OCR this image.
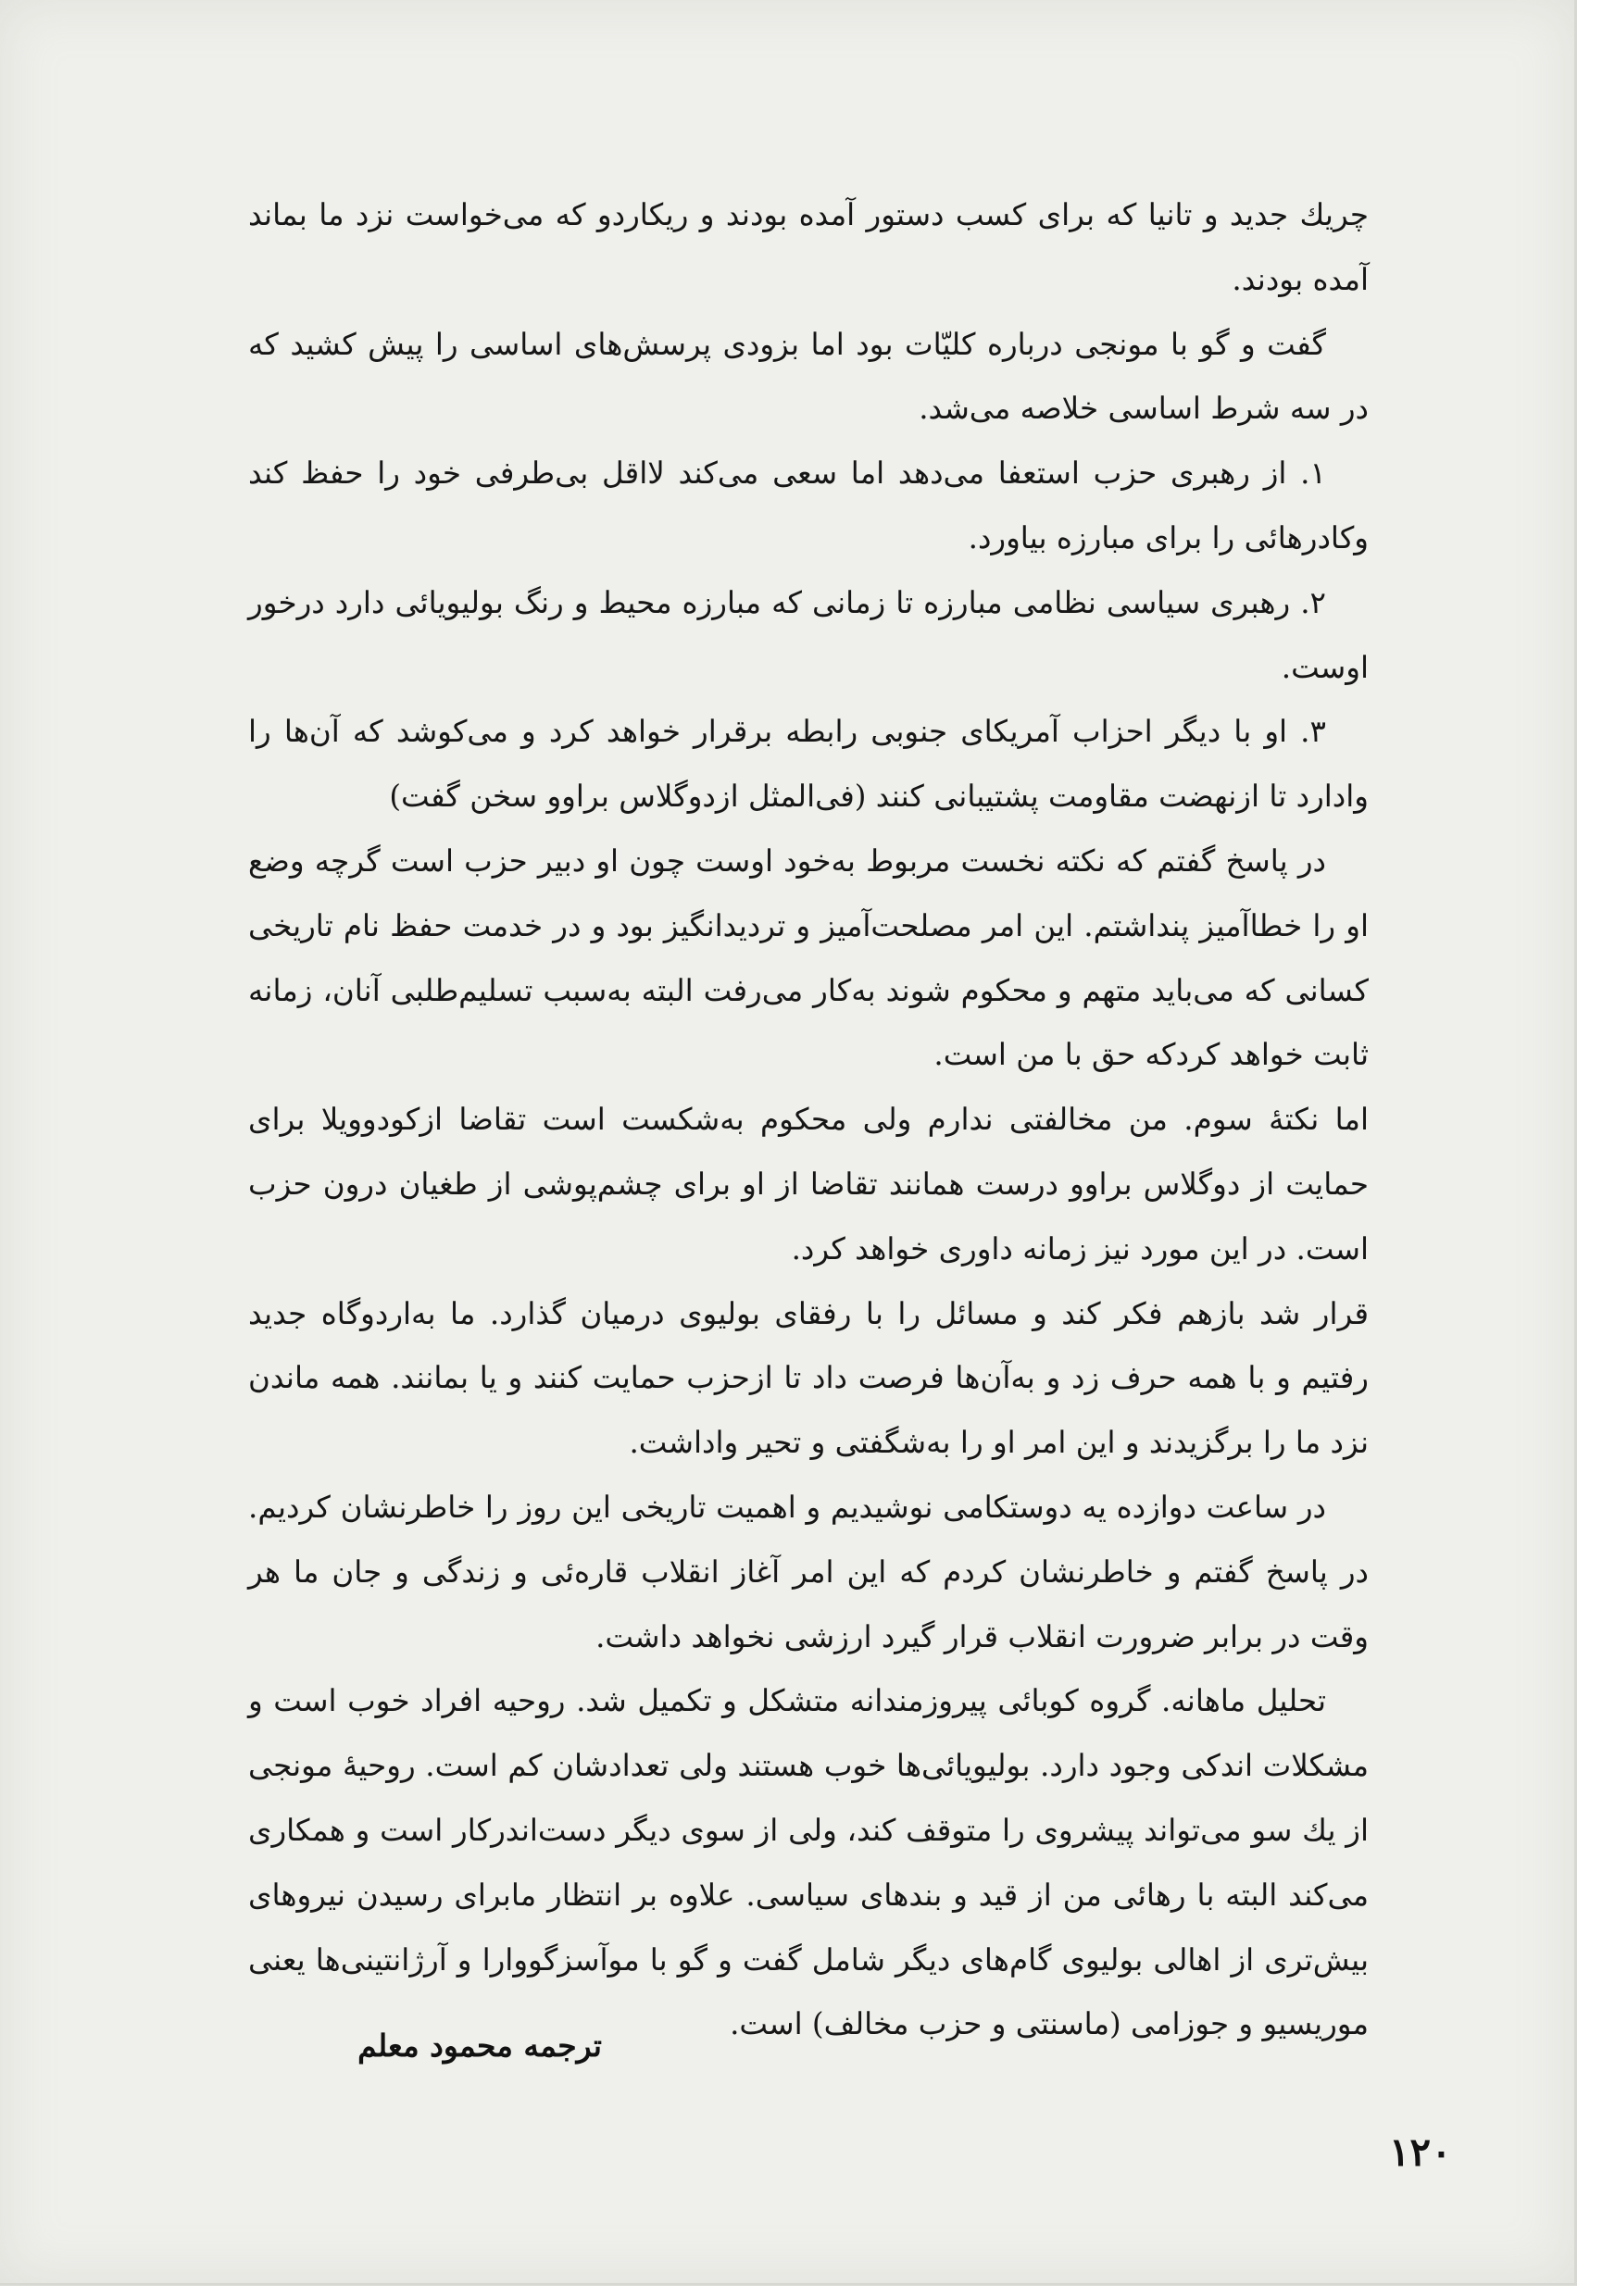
چریك جدید و تانیا که برای کسب دستور آمده بودند و ریکاردو که می‌خواست نزد ما بماند آمده بودند.

گفت و گو با مونجی درباره کلیّات بود اما بزودی پرسش‌های اساسی را پیش کشید که در سه شرط اساسی خلاصه می‌شد.

۱. از رهبری حزب استعفا می‌دهد اما سعی می‌کند لااقل بی‌طرفی خود را حفظ کند وکادرهائی را برای مبارزه بیاورد.

۲. رهبری سیاسی نظامی مبارزه تا زمانی که مبارزه محیط و رنگ بولیویائی دارد درخور اوست.

۳. او با دیگر احزاب آمریکای جنوبی رابطه برقرار خواهد کرد و می‌کوشد که آن‌ها را وادارد تا ازنهضت مقاومت پشتیبانی کنند (فی‌المثل ازدوگلاس براوو سخن گفت)

در پاسخ گفتم که نکته نخست مربوط به‌خود اوست چون او دبیر حزب است گرچه وضع او را خطاآمیز پنداشتم. این امر مصلحت‌آمیز و تردیدانگیز بود و در خدمت حفظ نام تاریخی کسانی که می‌باید متهم و محکوم شوند به‌کار می‌رفت البته به‌سبب تسلیم‌طلبی آنان، زمانه ثابت خواهد کردکه حق با من است.

اما نکتهٔ سوم. من مخالفتی ندارم ولی محکوم به‌شکست است تقاضا ازکودوویلا برای حمایت از دوگلاس براوو درست همانند تقاضا از او برای چشم‌پوشی از طغیان درون حزب است. در این مورد نیز زمانه داوری خواهد کرد.

قرار شد بازهم فکر کند و مسائل را با رفقای بولیوی درمیان گذارد. ما به‌اردوگاه جدید رفتیم و با همه حرف زد و به‌آن‌ها فرصت داد تا ازحزب حمایت کنند و یا بمانند. همه ماندن نزد ما را برگزیدند و این امر او را به‌شگفتی و تحیر واداشت.

در ساعت دوازده یه دوستکامی نوشیدیم و اهمیت تاریخی این روز را خاطرنشان کردیم. در پاسخ گفتم و خاطرنشان کردم که این امر آغاز انقلاب قاره‌ئی و زندگی و جان ما هر وقت در برابر ضرورت انقلاب قرار گیرد ارزشی نخواهد داشت.

تحلیل ماهانه. گروه کوبائی پیروزمندانه متشکل و تکمیل شد. روحیه افراد خوب است و مشکلات اندکی وجود دارد. بولیویائی‌ها خوب هستند ولی تعدادشان کم است. روحیهٔ مونجی از یك سو می‌تواند پیشروی را متوقف کند، ولی از سوی دیگر دست‌اندرکار است و همکاری می‌کند البته با رهائی من از قید و بندهای سیاسی. علاوه بر انتظار مابرای رسیدن نیروهای بیش‌تری از اهالی بولیوی گام‌های دیگر شامل گفت و گو با موآسزگووارا و آرژانتینی‌ها یعنی موریسیو و جوزامی (ماسنتی و حزب مخالف) است.

ترجمه محمود معلم
۱۲۰
